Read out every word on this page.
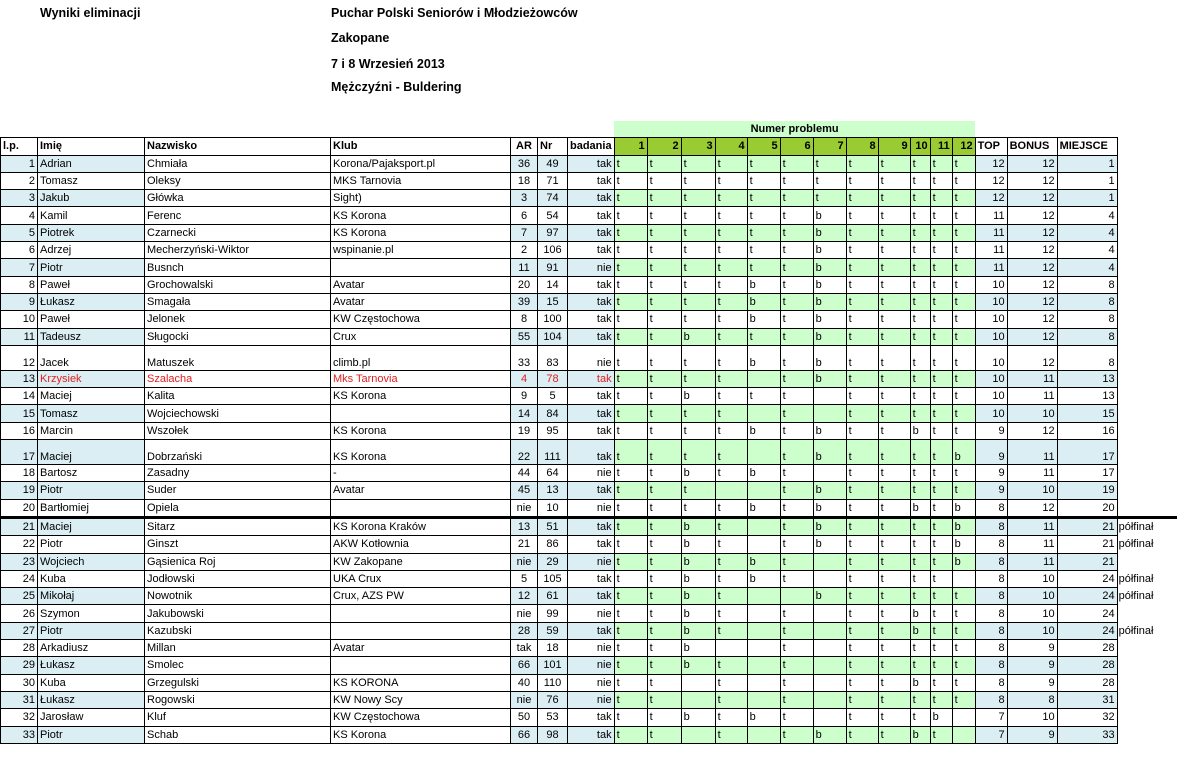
Wyniki eliminacji	Puchar Polski Seniorów i Młodzieżowców
Zakopane
7 i 8 Wrzesień 2013
Mężczyźni - Buldering
							Numer problemu															
l.p.	Imię	Nazwisko	Klub	AR	Nr	badania	1	2	3	4	5	6	7	8	9	10	11	12	TOP	BONUS	MIEJSCE	
1	Adrian	Chmiała	Korona/Pajaksport.pl	36	49	tak	t	t	t	t	t	t	t	t	t	t	t	t	12	12	1	
2	Tomasz	Oleksy	MKS Tarnovia	18	71	tak	t	t	t	t	t	t	t	t	t	t	t	t	12	12	1	
3	Jakub	Główka	Sight)	3	74	tak	t	t	t	t	t	t	t	t	t	t	t	t	12	12	1	
4	Kamil	Ferenc	KS Korona	6	54	tak	t	t	t	t	t	t	b	t	t	t	t	t	11	12	4	
5	Piotrek	Czarnecki	KS Korona	7	97	tak	t	t	t	t	t	t	b	t	t	t	t	t	11	12	4	
6	Adrzej	Mecherzyński-Wiktor	wspinanie.pl	2	106	tak	t	t	t	t	t	t	b	t	t	t	t	t	11	12	4	
7	Piotr	Busnch		11	91	nie	t	t	t	t	t	t	b	t	t	t	t	t	11	12	4	
8	Paweł	Grochowalski	Avatar	20	14	tak	t	t	t	t	b	t	b	t	t	t	t	t	10	12	8	
9	Łukasz	Smagała	Avatar	39	15	tak	t	t	t	t	b	t	b	t	t	t	t	t	10	12	8	
10	Paweł	Jelonek	KW Częstochowa	8	100	tak	t	t	t	t	b	t	b	t	t	t	t	t	10	12	8	
11	Tadeusz	Sługocki	Crux	55	104	tak	t	t	b	t	t	t	b	t	t	t	t	t	10	12	8	
12	Jacek	Matuszek	climb.pl	33	83	nie	t	t	t	t	b	t	b	t	t	t	t	t	10	12	8	
13	Krzysiek	Szalacha	Mks Tarnovia	4	78	tak	t	t	t	t		t	b	t	t	t	t	t	10	11	13	
14	Maciej	Kalita	KS Korona	9	5	tak	t	t	b	t	t	t		t	t	t	t	t	10	11	13	
15	Tomasz	Wojciechowski		14	84	tak	t	t	t	t		t		t	t	t	t	t	10	10	15	
16	Marcin	Wszołek	KS Korona	19	95	tak	t	t	t	t	b	t	b	t	t	b	t	t	9	12	16	
17	Maciej	Dobrzański	KS Korona	22	111	tak	t	t	t	t		t	b	t	t	t	t	b	9	11	17	
18	Bartosz	Zasadny	-	44	64	nie	t	t	b	t	b	t		t	t	t	t	t	9	11	17	
19	Piotr	Suder	Avatar	45	13	tak	t	t	t			t	b	t	t	t	t	t	9	10	19	
20	Bartłomiej	Opiela		nie	10	nie	t	t	t	t	b	t	b	t	t	b	t	b	8	12	20	
21	Maciej	Sitarz	KS Korona Kraków	13	51	tak	t	t	b	t		t	b	t	t	t	t	b	8	11	21	półfinał
22	Piotr	Ginszt	AKW Kotłownia	21	86	tak	t	t	b	t		t	b	t	t	t	t	b	8	11	21	półfinał
23	Wojciech	Gąsienica Roj	KW Zakopane	nie	29	nie	t	t	b	t	b	t		t	t	t	t	b	8	11	21	
24	Kuba	Jodłowski	UKA Crux	5	105	tak	t	t	b	t	b	t		t	t	t	t		8	10	24	półfinał
25	Mikołaj	Nowotnik	Crux, AZS PW	12	61	tak	t	t	b	t			b	t	t	t	t	t	8	10	24	półfinał
26	Szymon	Jakubowski		nie	99	nie	t	t	b	t		t		t	t	b	t	t	8	10	24	
27	Piotr	Kazubski		28	59	tak	t	t	b	t		t		t	t	b	t	t	8	10	24	półfinał
28	Arkadiusz	Millan	Avatar	tak	18	nie	t	t	b			t		t	t	t	t	t	8	9	28	
29	Łukasz	Smolec		66	101	nie	t	t	b	t		t		t	t	t	t	t	8	9	28	
30	Kuba	Grzegulski	KS KORONA	40	110	nie	t	t		t		t		t	t	b	t	t	8	9	28	
31	Łukasz	Rogowski	KW Nowy Scy	nie	76	nie	t	t		t		t		t	t	t	t	t	8	8	31	
32	Jarosław	Kluf	KW Częstochowa	50	53	tak	t	t	b	t	b	t		t	t	t	b		7	10	32	
33	Piotr	Schab	KS Korona	66	98	tak	t	t		t		t	b	t	t	b	t		7	9	33	
